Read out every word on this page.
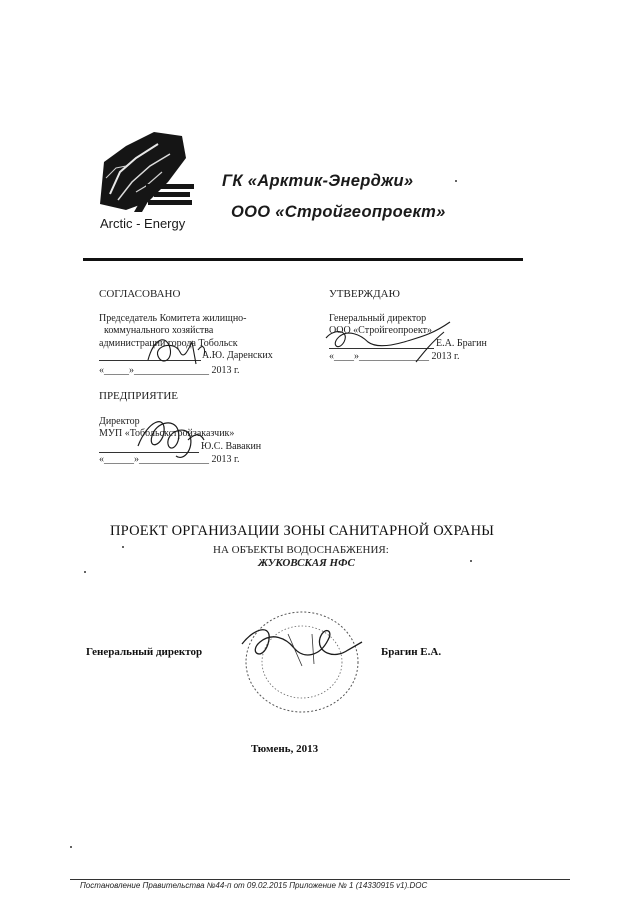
Arctic - Energy
ГК «Арктик-Энерджи»
ООО «Стройгеопроект»
СОГЛАСОВАНО
Председатель Комитета жилищно-
коммунального хозяйства
администрации города Тобольск
А.Ю. Даренских
«_____»_______________ 2013 г.
УТВЕРЖДАЮ
Генеральный директор
ООО «Стройгеопроект»
Е.А. Брагин
«____»______________ 2013 г.
ПРЕДПРИЯТИЕ
Директор
МУП «Тобольскстройзаказчик»
Ю.С. Вавакин
«______»______________ 2013 г.
ПРОЕКТ ОРГАНИЗАЦИИ ЗОНЫ САНИТАРНОЙ ОХРАНЫ
НА ОБЪЕКТЫ ВОДОСНАБЖЕНИЯ:
ЖУКОВСКАЯ НФС
Генеральный директор	Брагин Е.А.
Тюмень, 2013
Постановление Правительства №44-п от 09.02.2015 Приложение № 1 (14330915 v1).DOC
